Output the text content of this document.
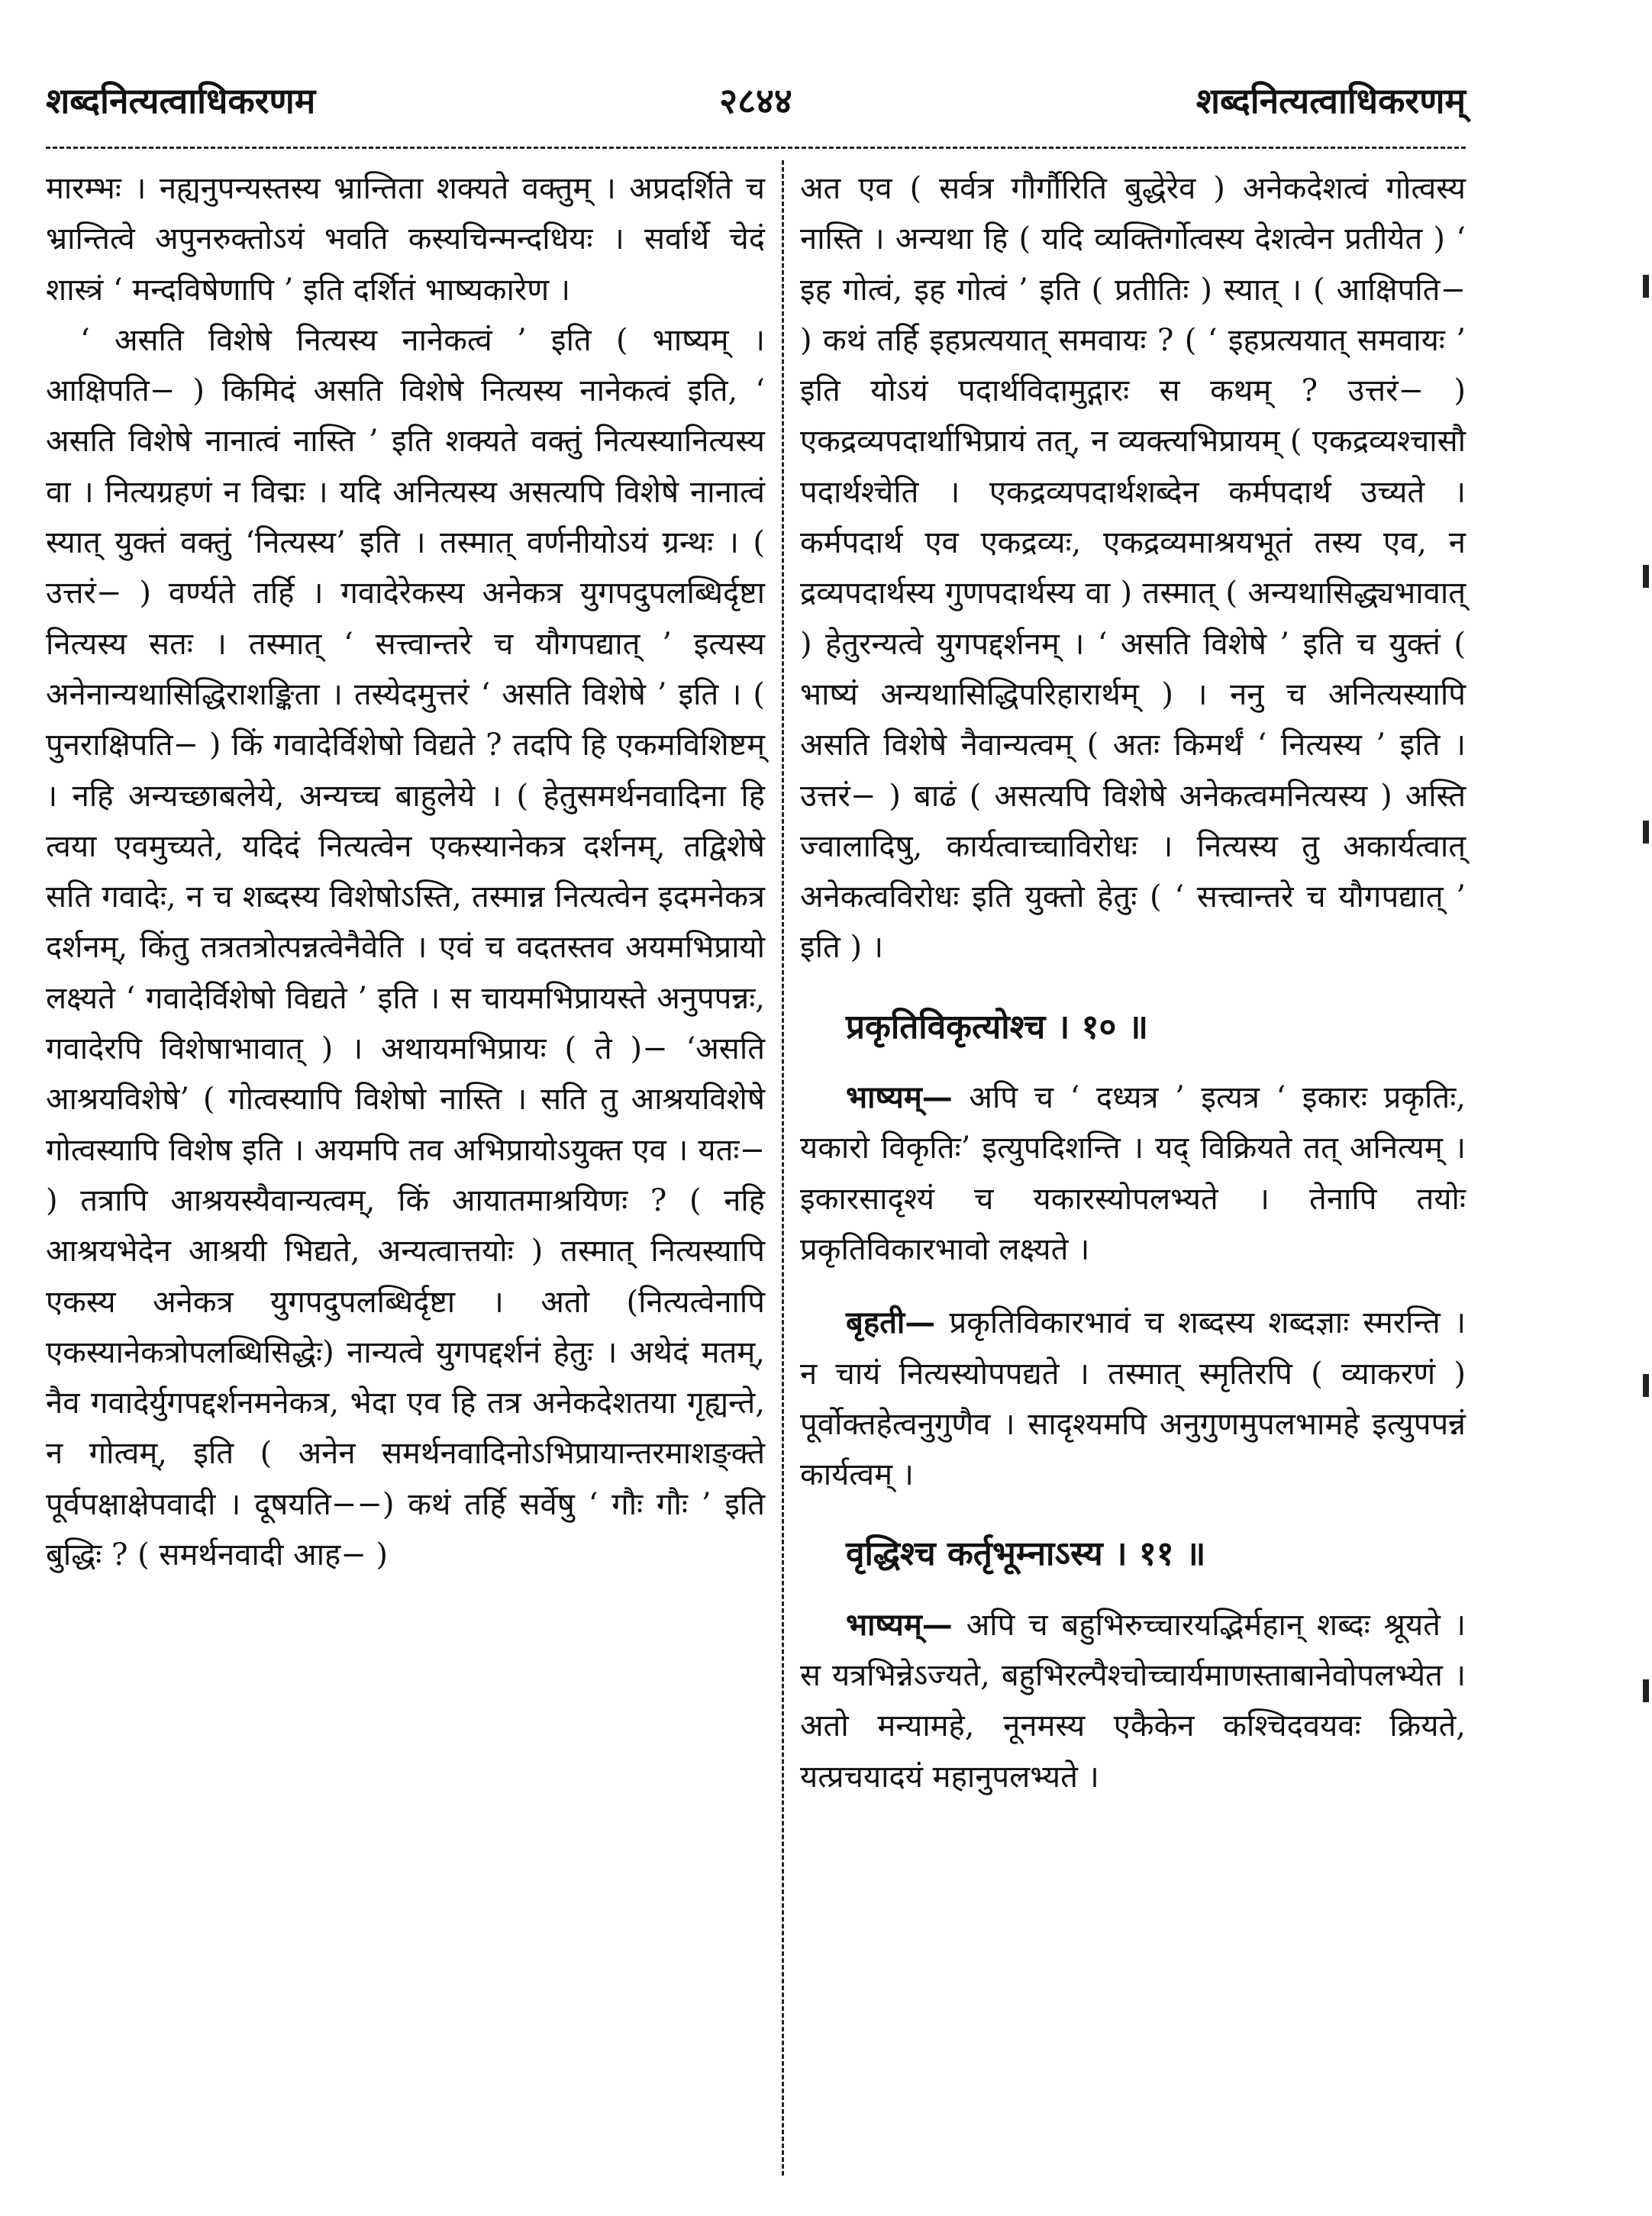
शब्दनित्यत्वाधिकरणम	२८४४	शब्दनित्यत्वाधिकरणम्

मारम्भः । नह्यनुपन्यस्तस्य भ्रान्तिता शक्यते वक्तुम् । अप्रदर्शिते च भ्रान्तित्वे अपुनरुक्तोऽयं भवति कस्यचिन्मन्दधियः । सर्वार्थे चेदं शास्त्रं ‘ मन्दविषेणापि ’ इति दर्शितं भाष्यकारेण ।

‘ असति विशेषे नित्यस्य नानेकत्वं ’ इति ( भाष्यम् । आक्षिपति− ) किमिदं असति विशेषे नित्यस्य नानेकत्वं इति, ‘ असति विशेषे नानात्वं नास्ति ’ इति शक्यते वक्तुं नित्यस्यानित्यस्य वा । नित्यग्रहणं न विद्मः । यदि अनित्यस्य असत्यपि विशेषे नानात्वं स्यात् युक्तं वक्तुं ‘नित्यस्य’ इति । तस्मात् वर्णनीयोऽयं ग्रन्थः । ( उत्तरं− ) वर्ण्यते तर्हि । गवादेरेकस्य अनेकत्र युगपदुपलब्धिर्दृष्टा नित्यस्य सतः । तस्मात् ‘ सत्त्वान्तरे च यौगपद्यात् ’ इत्यस्य अनेनान्यथासिद्धिराशङ्किता । तस्येदमुत्तरं ‘ असति विशेषे ’ इति । ( पुनराक्षिपति− ) किं गवादेर्विशेषो विद्यते ? तदपि हि एकमविशिष्टम् । नहि अन्यच्छाबलेये, अन्यच्च बाहुलेये । ( हेतुसमर्थनवादिना हि त्वया एवमुच्यते, यदिदं नित्यत्वेन एकस्यानेकत्र दर्शनम्, तद्विशेषे सति गवादेः, न च शब्दस्य विशेषोऽस्ति, तस्मान्न नित्यत्वेन इदमनेकत्र दर्शनम्, किंतु तत्रतत्रोत्पन्नत्वेनैवेति । एवं च वदतस्तव अयमभिप्रायो लक्ष्यते ‘ गवादेर्विशेषो विद्यते ’ इति । स चायमभिप्रायस्ते अनुपपन्नः, गवादेरपि विशेषाभावात् ) । अथायमभिप्रायः ( ते )− ‘असति आश्रयविशेषे’ ( गोत्वस्यापि विशेषो नास्ति । सति तु आश्रयविशेषे गोत्वस्यापि विशेष इति । अयमपि तव अभिप्रायोऽयुक्त एव । यतः− ) तत्रापि आश्रयस्यैवान्यत्वम्, किं आयातमाश्रयिणः ? ( नहि आश्रयभेदेन आश्रयी भिद्यते, अन्यत्वात्तयोः ) तस्मात् नित्यस्यापि एकस्य अनेकत्र युगपदुपलब्धिर्दृष्टा । अतो (नित्यत्वेनापि एकस्यानेकत्रोपलब्धिसिद्धेः) नान्यत्वे युगपद्दर्शनं हेतुः । अथेदं मतम्, नैव गवादेर्युगपद्दर्शनमनेकत्र, भेदा एव हि तत्र अनेकदेशतया गृह्यन्ते, न गोत्वम्, इति ( अनेन समर्थनवादिनोऽभिप्रायान्तरमाशङ्क्ते पूर्वपक्षाक्षेपवादी । दूषयति−−) कथं तर्हि सर्वेषु ‘ गौः गौः ’ इति बुद्धिः ? ( समर्थनवादी आह− )

अत एव ( सर्वत्र गौर्गौरिति बुद्धेरेव ) अनेकदेशत्वं गोत्वस्य नास्ति । अन्यथा हि ( यदि व्यक्तिर्गोत्वस्य देशत्वेन प्रतीयेत ) ‘ इह गोत्वं, इह गोत्वं ’ इति ( प्रतीतिः ) स्यात् । ( आक्षिपति− ) कथं तर्हि इहप्रत्ययात् समवायः ? ( ‘ इहप्रत्ययात् समवायः ’ इति योऽयं पदार्थविदामुद्गारः स कथम् ? उत्तरं− ) एकद्रव्यपदार्थाभिप्रायं तत्, न व्यक्त्यभिप्रायम् ( एकद्रव्यश्चासौ पदार्थश्चेति । एकद्रव्यपदार्थशब्देन कर्मपदार्थ उच्यते । कर्मपदार्थ एव एकद्रव्यः, एकद्रव्यमाश्रयभूतं तस्य एव, न द्रव्यपदार्थस्य गुणपदार्थस्य वा ) तस्मात् ( अन्यथासिद्ध्यभावात् ) हेतुरन्यत्वे युगपद्दर्शनम् । ‘ असति विशेषे ’ इति च युक्तं ( भाष्यं अन्यथासिद्धिपरिहारार्थम् ) । ननु च अनित्यस्यापि असति विशेषे नैवान्यत्वम् ( अतः किमर्थं ‘ नित्यस्य ’ इति । उत्तरं− ) बाढं ( असत्यपि विशेषे अनेकत्वमनित्यस्य ) अस्ति ज्वालादिषु, कार्यत्वाच्चाविरोधः । नित्यस्य तु अकार्यत्वात् अनेकत्वविरोधः इति युक्तो हेतुः ( ‘ सत्त्वान्तरे च यौगपद्यात् ’ इति ) ।

प्रकृतिविकृत्योश्च । १० ॥

भाष्यम्— अपि च ‘ दध्यत्र ’ इत्यत्र ‘ इकारः प्रकृतिः, यकारो विकृतिः’ इत्युपदिशन्ति । यद् विक्रियते तत् अनित्यम् । इकारसादृश्यं च यकारस्योपलभ्यते । तेनापि तयोः प्रकृतिविकारभावो लक्ष्यते ।

बृहती— प्रकृतिविकारभावं च शब्दस्य शब्दज्ञाः स्मरन्ति । न चायं नित्यस्योपपद्यते । तस्मात् स्मृतिरपि ( व्याकरणं ) पूर्वोक्तहेत्वनुगुणैव । सादृश्यमपि अनुगुणमुपलभामहे इत्युपपन्नं कार्यत्वम् ।

वृद्धिश्च कर्तृभूम्नाऽस्य । ११ ॥

भाष्यम्— अपि च बहुभिरुच्चारयद्भिर्महान् शब्दः श्रूयते । स यत्रभिन्नेऽज्यते, बहुभिरल्पैश्चोच्चार्यमाणस्ताबानेवोपलभ्येत । अतो मन्यामहे, नूनमस्य एकैकेन कश्चिदवयवः क्रियते, यत्प्रचयादयं महानुपलभ्यते ।
